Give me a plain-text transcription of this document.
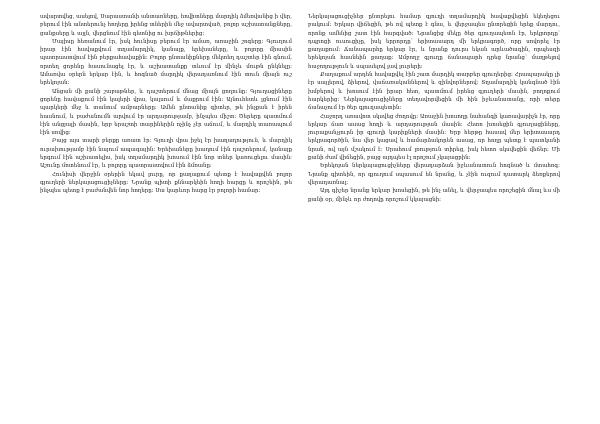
ավարտվեց, ասելով, Սարաստանի անտառները, հովիտները մարդիկ ձմեռվանից ի վեր, բերում էին անտերունչ հողերը իրենց տներին մեջ ավարտված, բոլոր աշխատանքները, ցանքսերը և այլն, վերցնում էին գետնից ու խրճիթներից։

Մայիսը հեռանում էր, իսկ հունիսը բերում էր ամառ, առաջին շոգերը։ Գյուղում իրար էին հավաքվում տղամարդիկ, կանայք, երեխաները, և բոլորը միասին պատրաստվում էին բերքահավաքին։ Բոլոր ընտանիքները մեկտեղ դաշտեր էին գնում, որտեղ ցորենը հասունացել էր, և աշխատանքը տևում էր մինչև մութն ընկնելը։ Ամառվա օրերն երկար էին, և հոգնած մարդիկ վերադառնում էին տուն միայն ուշ երեկոյան։

Անցան մի քանի շաբաթներ, և դաշտերում մնաց միայն ցողունը։ Գյուղացիները ցորենը հավաքում էին կալերի վրա, կալսում և մաքրում էին։ Այնուհետև լցնում էին պարկերի մեջ և տանում ամբարները։ Ամեն ընտանիք գիտեր, թե ինչքան է իրեն հասնում, և բաժանումն արվում էր արդարությամբ, ինչպես միշտ։ Ծերերը պատմում էին անցյալի մասին, երբ երաշտի տարիներին ոչինչ չէր աճում, և մարդիկ տառապում էին սովից։

Բայց այս տարի բերքը առատ էր։ Գյուղի վրա իջել էր խաղաղություն, և մարդիկ ուրախությամբ էին նայում ապագային։ Երեխաները խաղում էին դաշտերում, կանայք երգում էին աշխատելիս, իսկ տղամարդիկ խոսում էին նոր տներ կառուցելու մասին։ Աշունը մոտենում էր, և բոլորը պատրաստվում էին ձմռանը։

Հունիսի վերջին օրերին եկավ լուրը, որ քաղաքում պետք է հավաքվեն բոլոր գյուղերի ներկայացուցիչները։ Նրանք պիտի քննարկեին հողի հարցը և որոշեին, թե ինչպես պետք է բաժանվեն նոր հողերը։ Սա կարևոր հարց էր բոլորի համար։

Ներկայացուցիչներ ընտրելու համար գյուղի տղամարդիկ հավաքվեցին եկեղեցու բակում։ Երկար վիճեցին, թե ով պետք է գնա, և վերջապես ընտրեցին երեք մարդու, որոնք ամենից շատ էին հարգված։ Նրանցից մեկը ծեր գյուղապետն էր, երկրորդը՝ դպրոցի ուսուցիչը, իսկ երրորդը՝ երիտասարդ մի երկրագործ, որը սովորել էր քաղաքում։ Ճանապարհը երկար էր, և նրանք դուրս եկան արևածագին, որպեսզի երեկոյան հասնեին քաղաք։ Ամբողջ գյուղը ճանապարհ դրեց նրանց՝ մաղթելով հաջողություն և սպասելով լավ լուրերի։

Քաղաքում արդեն հավաքվել էին շատ մարդիկ տարբեր գյուղերից։ Հրապարակը լի էր սայլերով, ձիերով, վաճառականներով և զինվորներով։ Տղամարդիկ կանգնած էին խմբերով և խոսում էին իրար հետ, պատմում իրենց գյուղերի մասին, բողոքում հարկերից։ Ներկայացուցիչները տեղավորվեցին մի հին իջևանատանը, որի տերը ճանաչում էր ծեր գյուղապետին։

Հաջորդ առավոտ սկսվեց ժողովը։ Առաջին խոսողը նահանգի կառավարիչն էր, որը երկար ճառ ասաց հողի և արդարության մասին։ Հետո խոսեցին գյուղացիները, յուրաքանչյուրն իր գյուղի կարիքների մասին։ Երբ հերթը հասավ մեր երիտասարդ երկրագործին, նա վեր կացավ և համարձակորեն ասաց, որ հողը պետք է պատկանի նրան, ով այն մշակում է։ Սրահում լռություն տիրեց, իսկ հետո սկսվեցին վեճեր։ Մի քանի ժամ վիճեցին, բայց այդպես էլ որոշում չկայացրին։

Երեկոյան ներկայացուցիչները վերադարձան իջևանատուն հոգնած և մտահոգ։ Նրանք գիտեին, որ գյուղում սպասում են նրանց, և չէին ուզում դատարկ ձեռքերով վերադառնալ։

Այդ գիշեր նրանք երկար խոսեցին, թե ինչ անել, և վերջապես որոշեցին մնալ ևս մի քանի օր, մինչև որ ժողովը որոշում կկայացնի։
